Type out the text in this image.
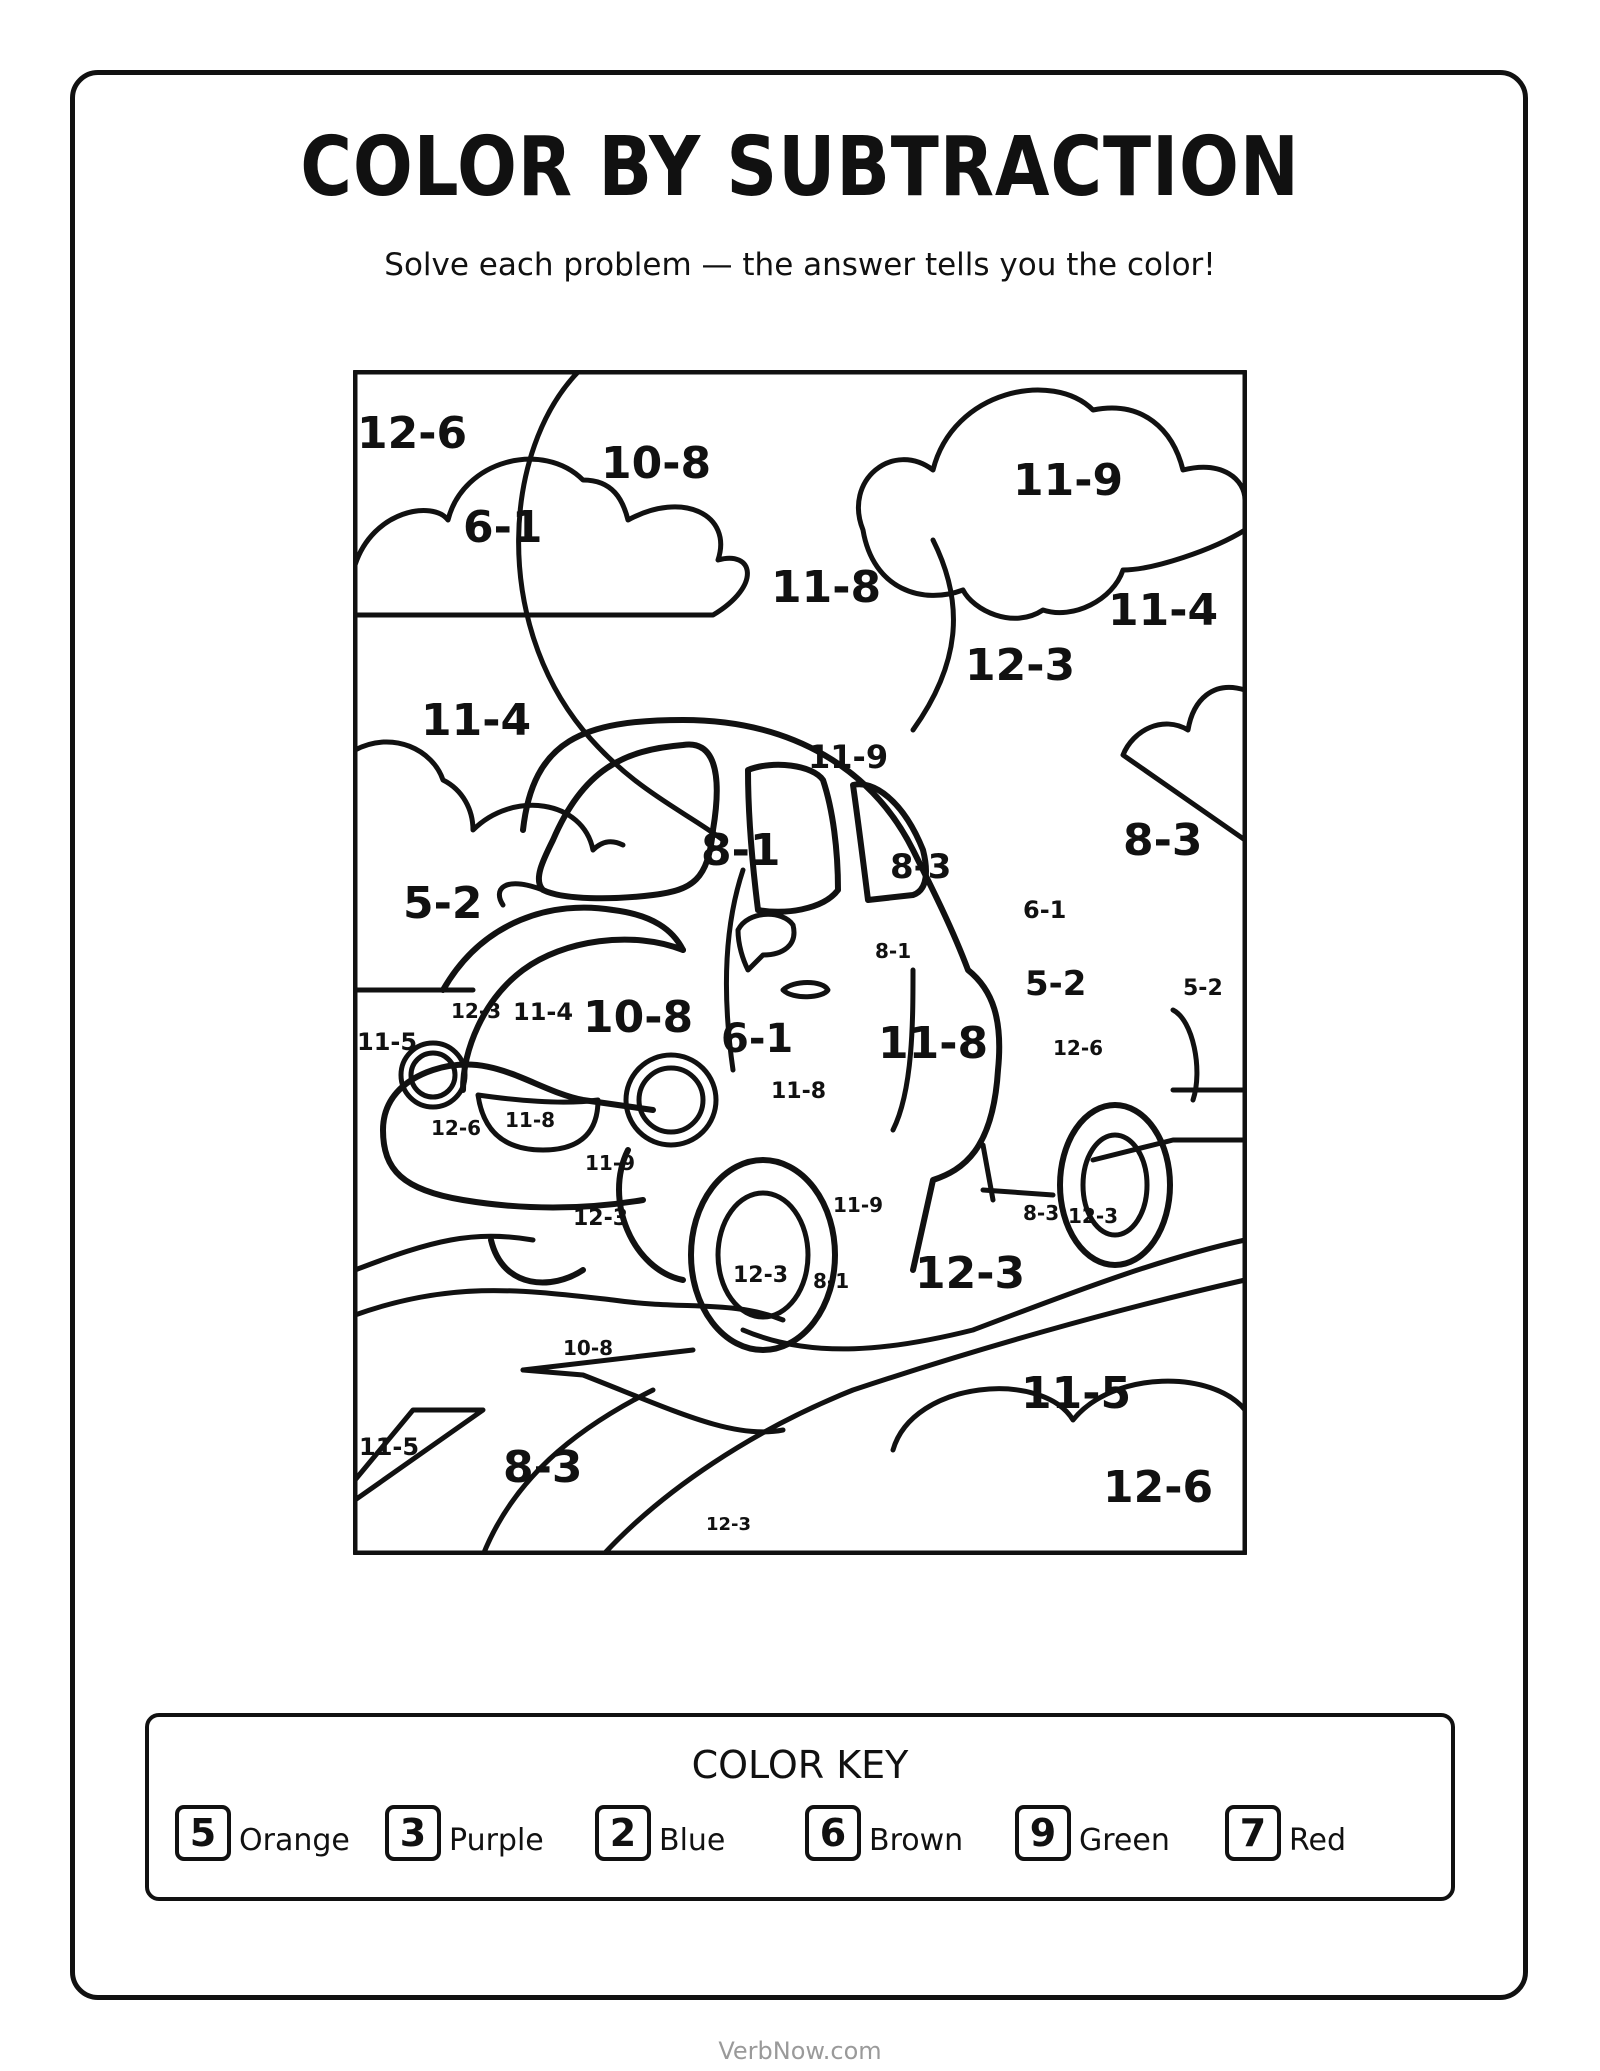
COLOR BY SUBTRACTION
Solve each problem — the answer tells you the color!
12-6
10-8	11-9
6-1
11-8	11-4
12-3
11-4
11-9
8-1	8-3
8-3
6-1
5-2
8-1
5-2	5-2
12-3 11-4 10-8
11-5	6-1 11-8	12-6
11-8
12-6 11-8
11-9
12-3
11-9	8-3 12-3
12-3 8-1 12-3
10-8
11-5
11-5 8-3	12-6
12-3
COLOR KEY
5 Orange	3 Purple	2 Blue	6 Brown	9 Green	7 Red
VerbNow.com
